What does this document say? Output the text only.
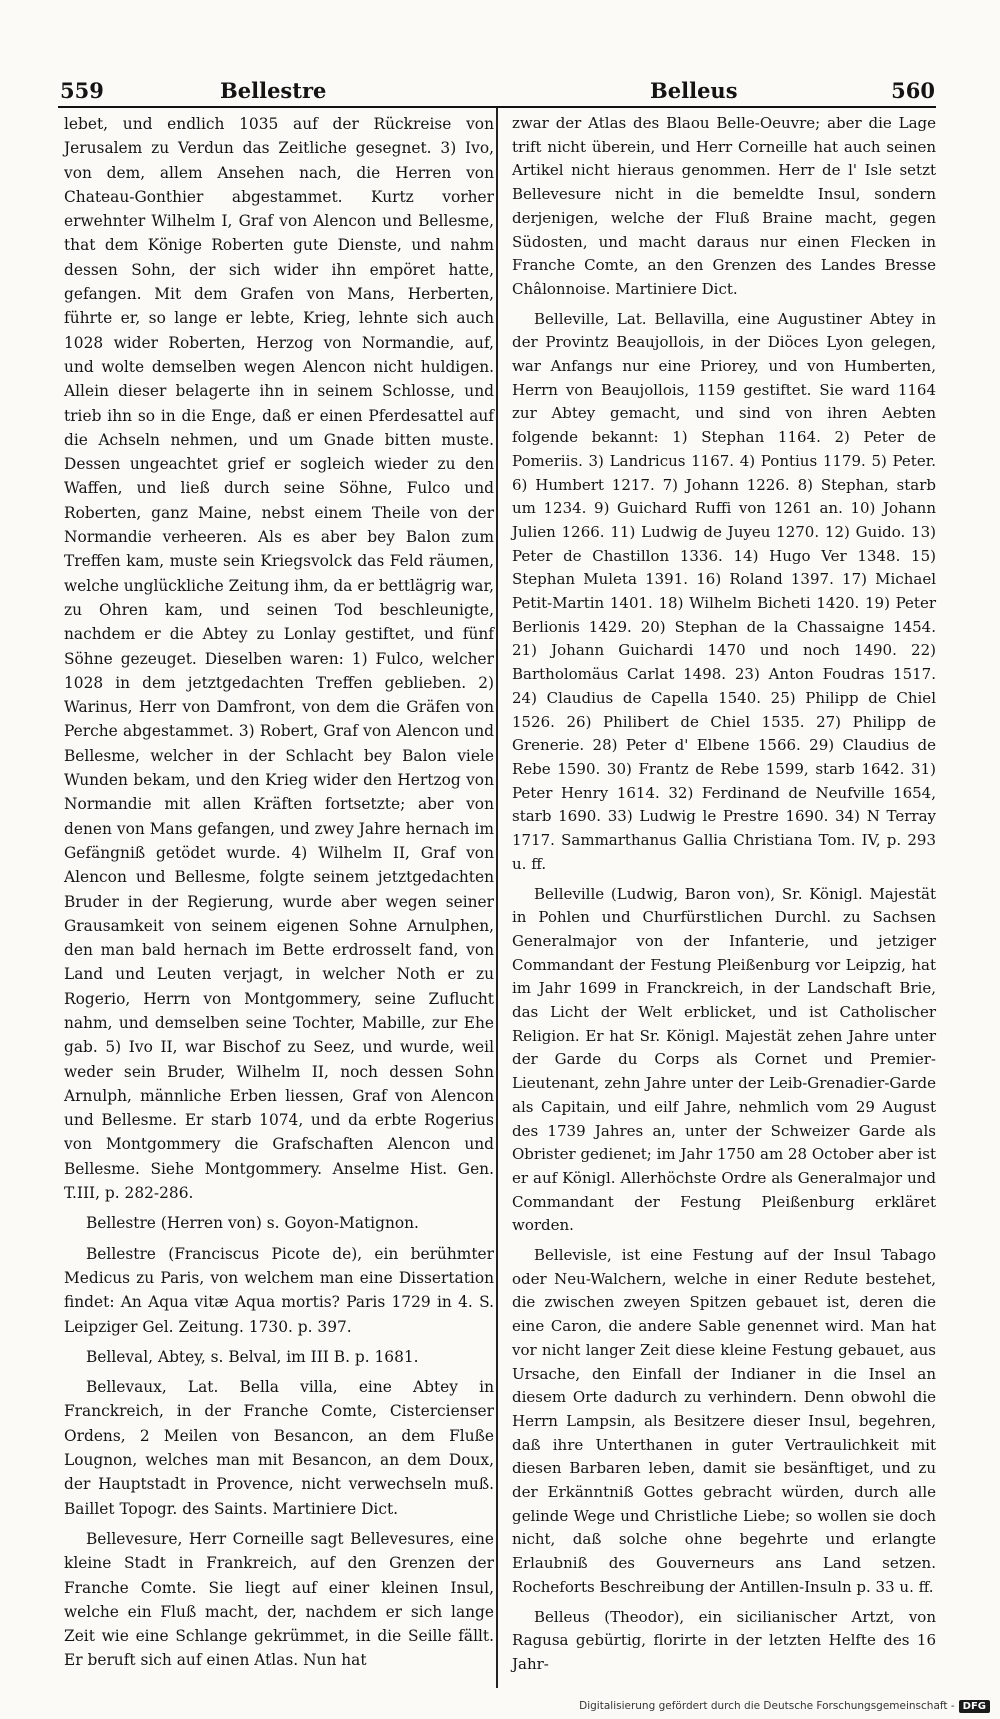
559	Bellestre	Belleus	560

lebet, und endlich 1035 auf der Rückreise von Jerusalem zu Verdun das Zeitliche gesegnet. 3) Ivo, von dem, allem Ansehen nach, die Herren von Chateau-Gonthier abgestammet. Kurtz vorher erwehnter Wilhelm I, Graf von Alencon und Bellesme, that dem Könige Roberten gute Dienste, und nahm dessen Sohn, der sich wider ihn empöret hatte, gefangen. Mit dem Grafen von Mans, Herberten, führte er, so lange er lebte, Krieg, lehnte sich auch 1028 wider Roberten, Herzog von Normandie, auf, und wolte demselben wegen Alencon nicht huldigen. Allein dieser belagerte ihn in seinem Schlosse, und trieb ihn so in die Enge, daß er einen Pferdesattel auf die Achseln nehmen, und um Gnade bitten muste. Dessen ungeachtet grief er sogleich wieder zu den Waffen, und ließ durch seine Söhne, Fulco und Roberten, ganz Maine, nebst einem Theile von der Normandie verheeren. Als es aber bey Balon zum Treffen kam, muste sein Kriegsvolck das Feld räumen, welche unglückliche Zeitung ihm, da er bettlägrig war, zu Ohren kam, und seinen Tod beschleunigte, nachdem er die Abtey zu Lonlay gestiftet, und fünf Söhne gezeuget. Dieselben waren: 1) Fulco, welcher 1028 in dem jetztgedachten Treffen geblieben. 2) Warinus, Herr von Damfront, von dem die Gräfen von Perche abgestammet. 3) Robert, Graf von Alencon und Bellesme, welcher in der Schlacht bey Balon viele Wunden bekam, und den Krieg wider den Hertzog von Normandie mit allen Kräften fortsetzte; aber von denen von Mans gefangen, und zwey Jahre hernach im Gefängniß getödet wurde. 4) Wilhelm II, Graf von Alencon und Bellesme, folgte seinem jetztgedachten Bruder in der Regierung, wurde aber wegen seiner Grausamkeit von seinem eigenen Sohne Arnulphen, den man bald hernach im Bette erdrosselt fand, von Land und Leuten verjagt, in welcher Noth er zu Rogerio, Herrn von Montgommery, seine Zuflucht nahm, und demselben seine Tochter, Mabille, zur Ehe gab. 5) Ivo II, war Bischof zu Seez, und wurde, weil weder sein Bruder, Wilhelm II, noch dessen Sohn Arnulph, männliche Erben liessen, Graf von Alencon und Bellesme. Er starb 1074, und da erbte Rogerius von Montgommery die Grafschaften Alencon und Bellesme. Siehe Montgommery. Anselme Hist. Gen. T.III, p. 282-286.

Bellestre (Herren von) s. Goyon-Matignon.

Bellestre (Franciscus Picote de), ein berühmter Medicus zu Paris, von welchem man eine Dissertation findet: An Aqua vitæ Aqua mortis? Paris 1729 in 4. S. Leipziger Gel. Zeitung. 1730. p. 397.

Belleval, Abtey, s. Belval, im III B. p. 1681.

Bellevaux, Lat. Bella villa, eine Abtey in Franckreich, in der Franche Comte, Cistercienser Ordens, 2 Meilen von Besancon, an dem Fluße Lougnon, welches man mit Besancon, an dem Doux, der Hauptstadt in Provence, nicht verwechseln muß. Baillet Topogr. des Saints. Martiniere Dict.

Bellevesure, Herr Corneille sagt Bellevesures, eine kleine Stadt in Frankreich, auf den Grenzen der Franche Comte. Sie liegt auf einer kleinen Insul, welche ein Fluß macht, der, nachdem er sich lange Zeit wie eine Schlange gekrümmet, in die Seille fällt. Er beruft sich auf einen Atlas. Nun hat

zwar der Atlas des Blaou Belle-Oeuvre; aber die Lage trift nicht überein, und Herr Corneille hat auch seinen Artikel nicht hieraus genommen. Herr de l' Isle setzt Bellevesure nicht in die bemeldte Insul, sondern derjenigen, welche der Fluß Braine macht, gegen Südosten, und macht daraus nur einen Flecken in Franche Comte, an den Grenzen des Landes Bresse Châlonnoise. Martiniere Dict.

Belleville, Lat. Bellavilla, eine Augustiner Abtey in der Provintz Beaujollois, in der Diöces Lyon gelegen, war Anfangs nur eine Priorey, und von Humberten, Herrn von Beaujollois, 1159 gestiftet. Sie ward 1164 zur Abtey gemacht, und sind von ihren Aebten folgende bekannt: 1) Stephan 1164. 2) Peter de Pomeriis. 3) Landricus 1167. 4) Pontius 1179. 5) Peter. 6) Humbert 1217. 7) Johann 1226. 8) Stephan, starb um 1234. 9) Guichard Ruffi von 1261 an. 10) Johann Julien 1266. 11) Ludwig de Juyeu 1270. 12) Guido. 13) Peter de Chastillon 1336. 14) Hugo Ver 1348. 15) Stephan Muleta 1391. 16) Roland 1397. 17) Michael Petit-Martin 1401. 18) Wilhelm Bicheti 1420. 19) Peter Berlionis 1429. 20) Stephan de la Chassaigne 1454. 21) Johann Guichardi 1470 und noch 1490. 22) Bartholomäus Carlat 1498. 23) Anton Foudras 1517. 24) Claudius de Capella 1540. 25) Philipp de Chiel 1526. 26) Philibert de Chiel 1535. 27) Philipp de Grenerie. 28) Peter d' Elbene 1566. 29) Claudius de Rebe 1590. 30) Frantz de Rebe 1599, starb 1642. 31) Peter Henry 1614. 32) Ferdinand de Neufville 1654, starb 1690. 33) Ludwig le Prestre 1690. 34) N Terray 1717. Sammarthanus Gallia Christiana Tom. IV, p. 293 u. ff.

Belleville (Ludwig, Baron von), Sr. Königl. Majestät in Pohlen und Churfürstlichen Durchl. zu Sachsen Generalmajor von der Infanterie, und jetziger Commandant der Festung Pleißenburg vor Leipzig, hat im Jahr 1699 in Franckreich, in der Landschaft Brie, das Licht der Welt erblicket, und ist Catholischer Religion. Er hat Sr. Königl. Majestät zehen Jahre unter der Garde du Corps als Cornet und Premier-Lieutenant, zehn Jahre unter der Leib-Grenadier-Garde als Capitain, und eilf Jahre, nehmlich vom 29 August des 1739 Jahres an, unter der Schweizer Garde als Obrister gedienet; im Jahr 1750 am 28 October aber ist er auf Königl. Allerhöchste Ordre als Generalmajor und Commandant der Festung Pleißenburg erkläret worden.

Bellevisle, ist eine Festung auf der Insul Tabago oder Neu-Walchern, welche in einer Redute bestehet, die zwischen zweyen Spitzen gebauet ist, deren die eine Caron, die andere Sable genennet wird. Man hat vor nicht langer Zeit diese kleine Festung gebauet, aus Ursache, den Einfall der Indianer in die Insel an diesem Orte dadurch zu verhindern. Denn obwohl die Herrn Lampsin, als Besitzere dieser Insul, begehren, daß ihre Unterthanen in guter Vertraulichkeit mit diesen Barbaren leben, damit sie besänftiget, und zu der Erkänntniß Gottes gebracht würden, durch alle gelinde Wege und Christliche Liebe; so wollen sie doch nicht, daß solche ohne begehrte und erlangte Erlaubniß des Gouverneurs ans Land setzen. Rocheforts Beschreibung der Antillen-Insuln p. 33 u. ff.

Belleus (Theodor), ein sicilianischer Artzt, von Ragusa gebürtig, florirte in der letzten Helfte des 16 Jahr-

Digitalisierung gefördert durch die Deutsche Forschungsgemeinschaft - DFG
